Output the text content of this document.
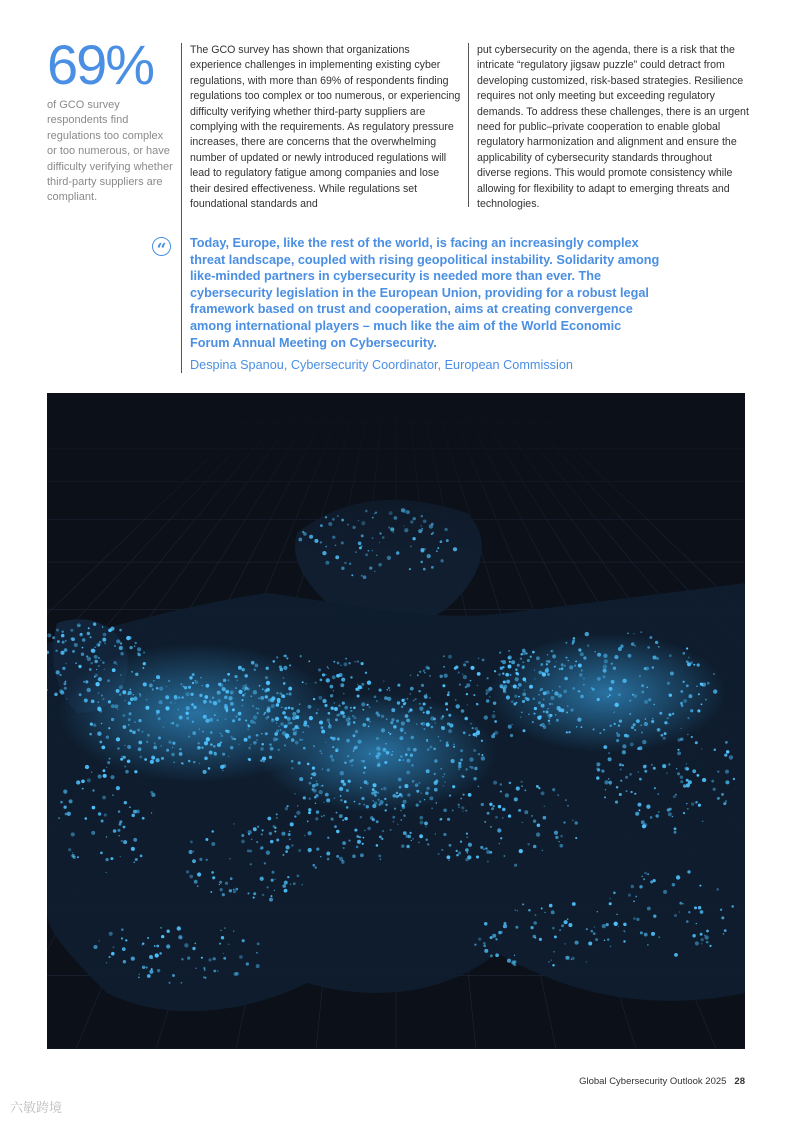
69%
of GCO survey respondents find regulations too complex or too numerous, or have difficulty verifying whether third-party suppliers are compliant.
The GCO survey has shown that organizations experience challenges in implementing existing cyber regulations, with more than 69% of respondents finding regulations too complex or too numerous, or experiencing difficulty verifying whether third-party suppliers are complying with the requirements. As regulatory pressure increases, there are concerns that the overwhelming number of updated or newly introduced regulations will lead to regulatory fatigue among companies and lose their desired effectiveness. While regulations set foundational standards and
put cybersecurity on the agenda, there is a risk that the intricate “regulatory jigsaw puzzle” could detract from developing customized, risk-based strategies. Resilience requires not only meeting but exceeding regulatory demands. To address these challenges, there is an urgent need for public–private cooperation to enable global regulatory harmonization and alignment and ensure the applicability of cybersecurity standards throughout diverse regions. This would promote consistency while allowing for flexibility to adapt to emerging threats and technologies.
“	Today, Europe, like the rest of the world, is facing an increasingly complex threat landscape, coupled with rising geopolitical instability. Solidarity among like-minded partners in cybersecurity is needed more than ever. The cybersecurity legislation in the European Union, providing for a robust legal framework based on trust and cooperation, aims at creating convergence among international players – much like the aim of the World Economic Forum Annual Meeting on Cybersecurity.
Despina Spanou, Cybersecurity Coordinator, European Commission
Global Cybersecurity Outlook 2025 28
六敏跨境
